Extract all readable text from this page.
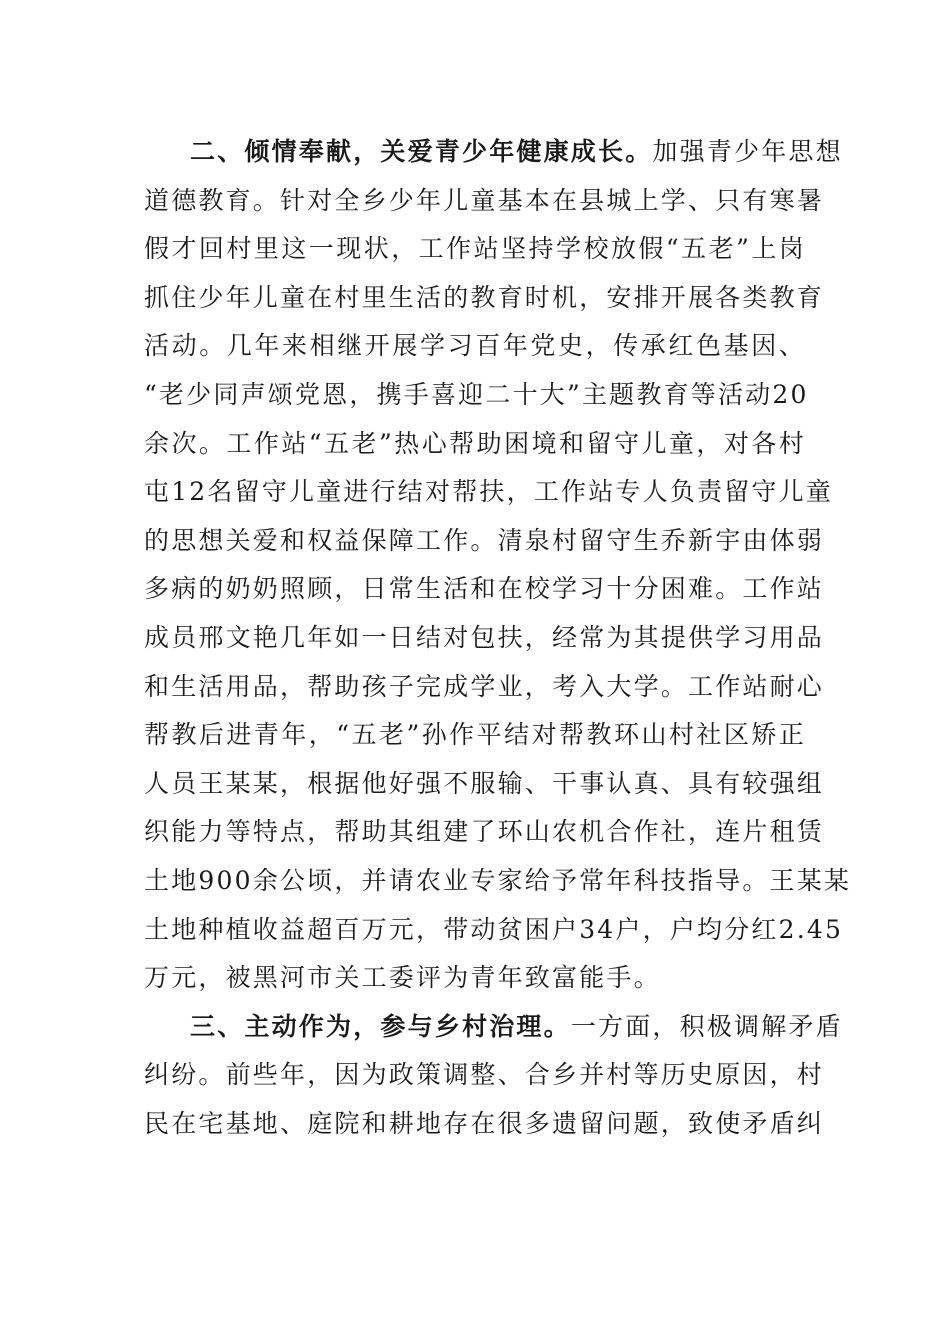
二、倾情奉献，关爱青少年健康成长。加强青少年思想
道德教育。针对全乡少年儿童基本在县城上学、只有寒暑
假才回村里这一现状，工作站坚持学校放假“五老”上岗
抓住少年儿童在村里生活的教育时机，安排开展各类教育
活动。几年来相继开展学习百年党史，传承红色基因、
“老少同声颂党恩，携手喜迎二十大”主题教育等活动20
余次。工作站“五老”热心帮助困境和留守儿童，对各村
屯12名留守儿童进行结对帮扶，工作站专人负责留守儿童
的思想关爱和权益保障工作。清泉村留守生乔新宇由体弱
多病的奶奶照顾，日常生活和在校学习十分困难。工作站
成员邢文艳几年如一日结对包扶，经常为其提供学习用品
和生活用品，帮助孩子完成学业，考入大学。工作站耐心
帮教后进青年，“五老”孙作平结对帮教环山村社区矫正
人员王某某，根据他好强不服输、干事认真、具有较强组
织能力等特点，帮助其组建了环山农机合作社，连片租赁
土地900余公顷，并请农业专家给予常年科技指导。王某某
土地种植收益超百万元，带动贫困户34户，户均分红2.45
万元，被黑河市关工委评为青年致富能手。
三、主动作为，参与乡村治理。一方面，积极调解矛盾
纠纷。前些年，因为政策调整、合乡并村等历史原因，村
民在宅基地、庭院和耕地存在很多遗留问题，致使矛盾纠
